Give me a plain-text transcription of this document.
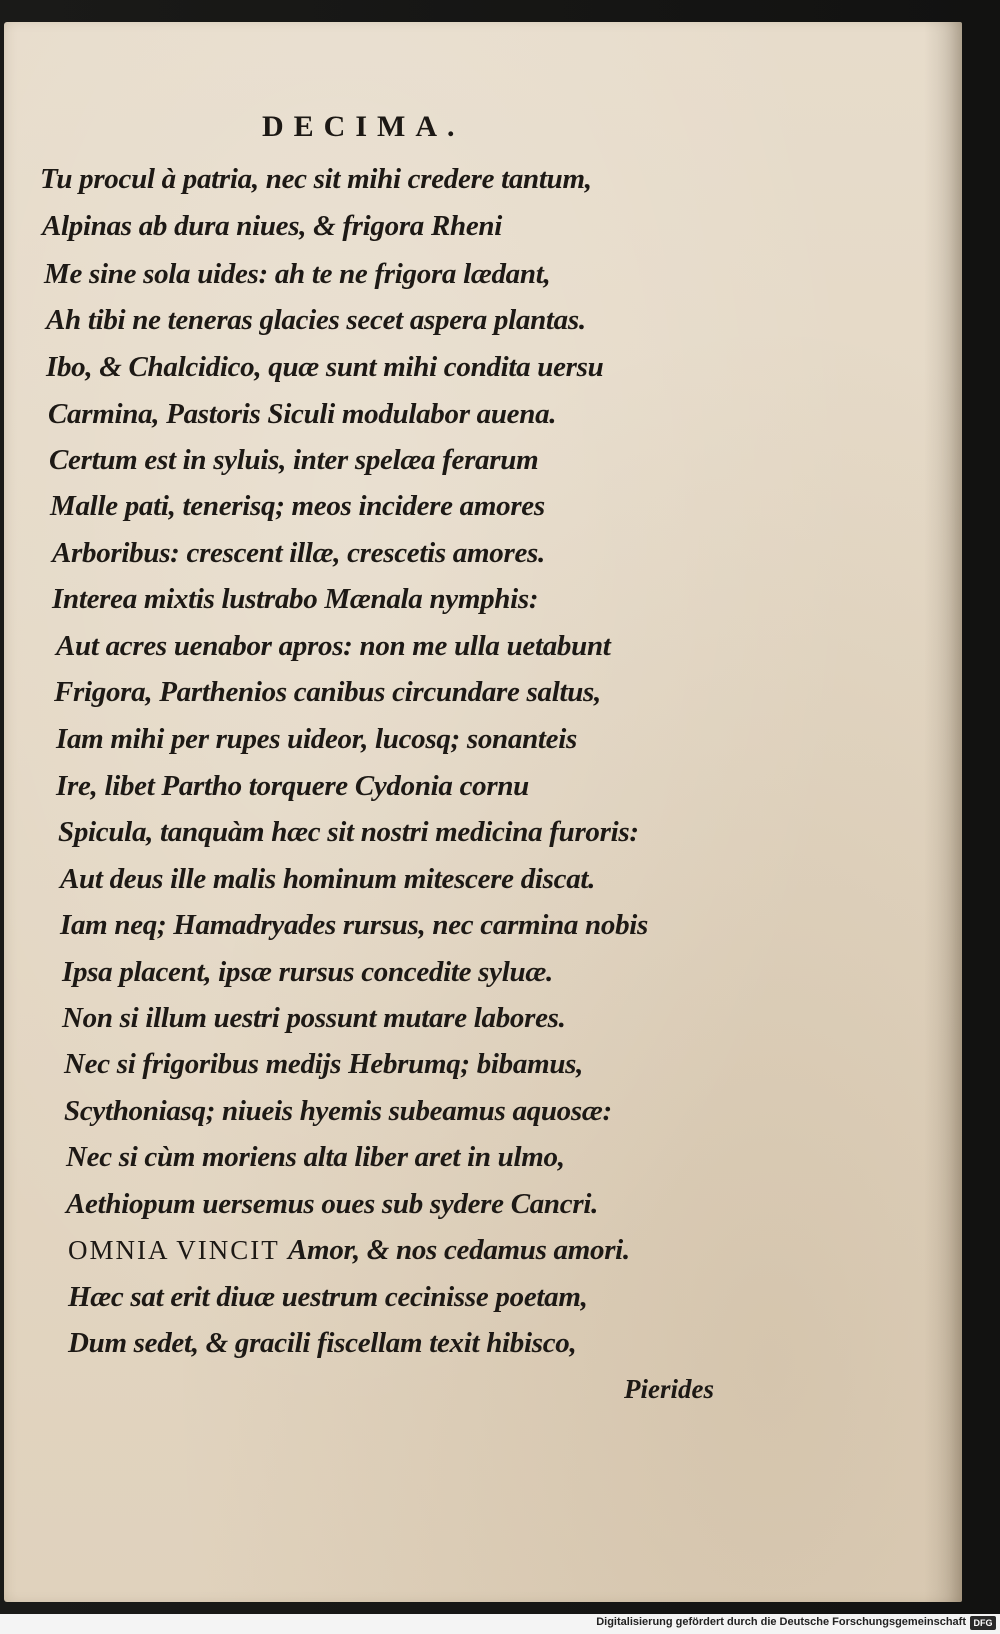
DECIMA.
Tu procul à patria, nec sit mihi credere tantum,
Alpinas ab dura niues, & frigora Rheni
Me sine sola uides: ah te ne frigora lædant,
Ah tibi ne teneras glacies secet aspera plantas.
Ibo, & Chalcidico, quæ sunt mihi condita uersu
Carmina, Pastoris Siculi modulabor auena.
Certum est in syluis, inter spelæa ferarum
Malle pati, tenerisq; meos incidere amores
Arboribus: crescent illæ, crescetis amores.
Interea mixtis lustrabo Mænala nymphis:
Aut acres uenabor apros: non me ulla uetabunt
Frigora, Parthenios canibus circundare saltus,
Iam mihi per rupes uideor, lucosq; sonanteis
Ire, libet Partho torquere Cydonia cornu
Spicula, tanquàm hæc sit nostri medicina furoris:
Aut deus ille malis hominum mitescere discat.
Iam neq; Hamadryades rursus, nec carmina nobis
Ipsa placent, ipsæ rursus concedite syluæ.
Non si illum uestri possunt mutare labores.
Nec si frigoribus medijs Hebrumq; bibamus,
Scythoniasq; niueis hyemis subeamus aquosæ:
Nec si cùm moriens alta liber aret in ulmo,
Aethiopum uersemus oues sub sydere Cancri.
OMNIA VINCIT Amor, & nos cedamus amori.
Hæc sat erit diuæ uestrum cecinisse poetam,
Dum sedet, & gracili fiscellam texit hibisco,
Pierides
Digitalisierung gefördert durch die Deutsche Forschungsgemeinschaft DFG
